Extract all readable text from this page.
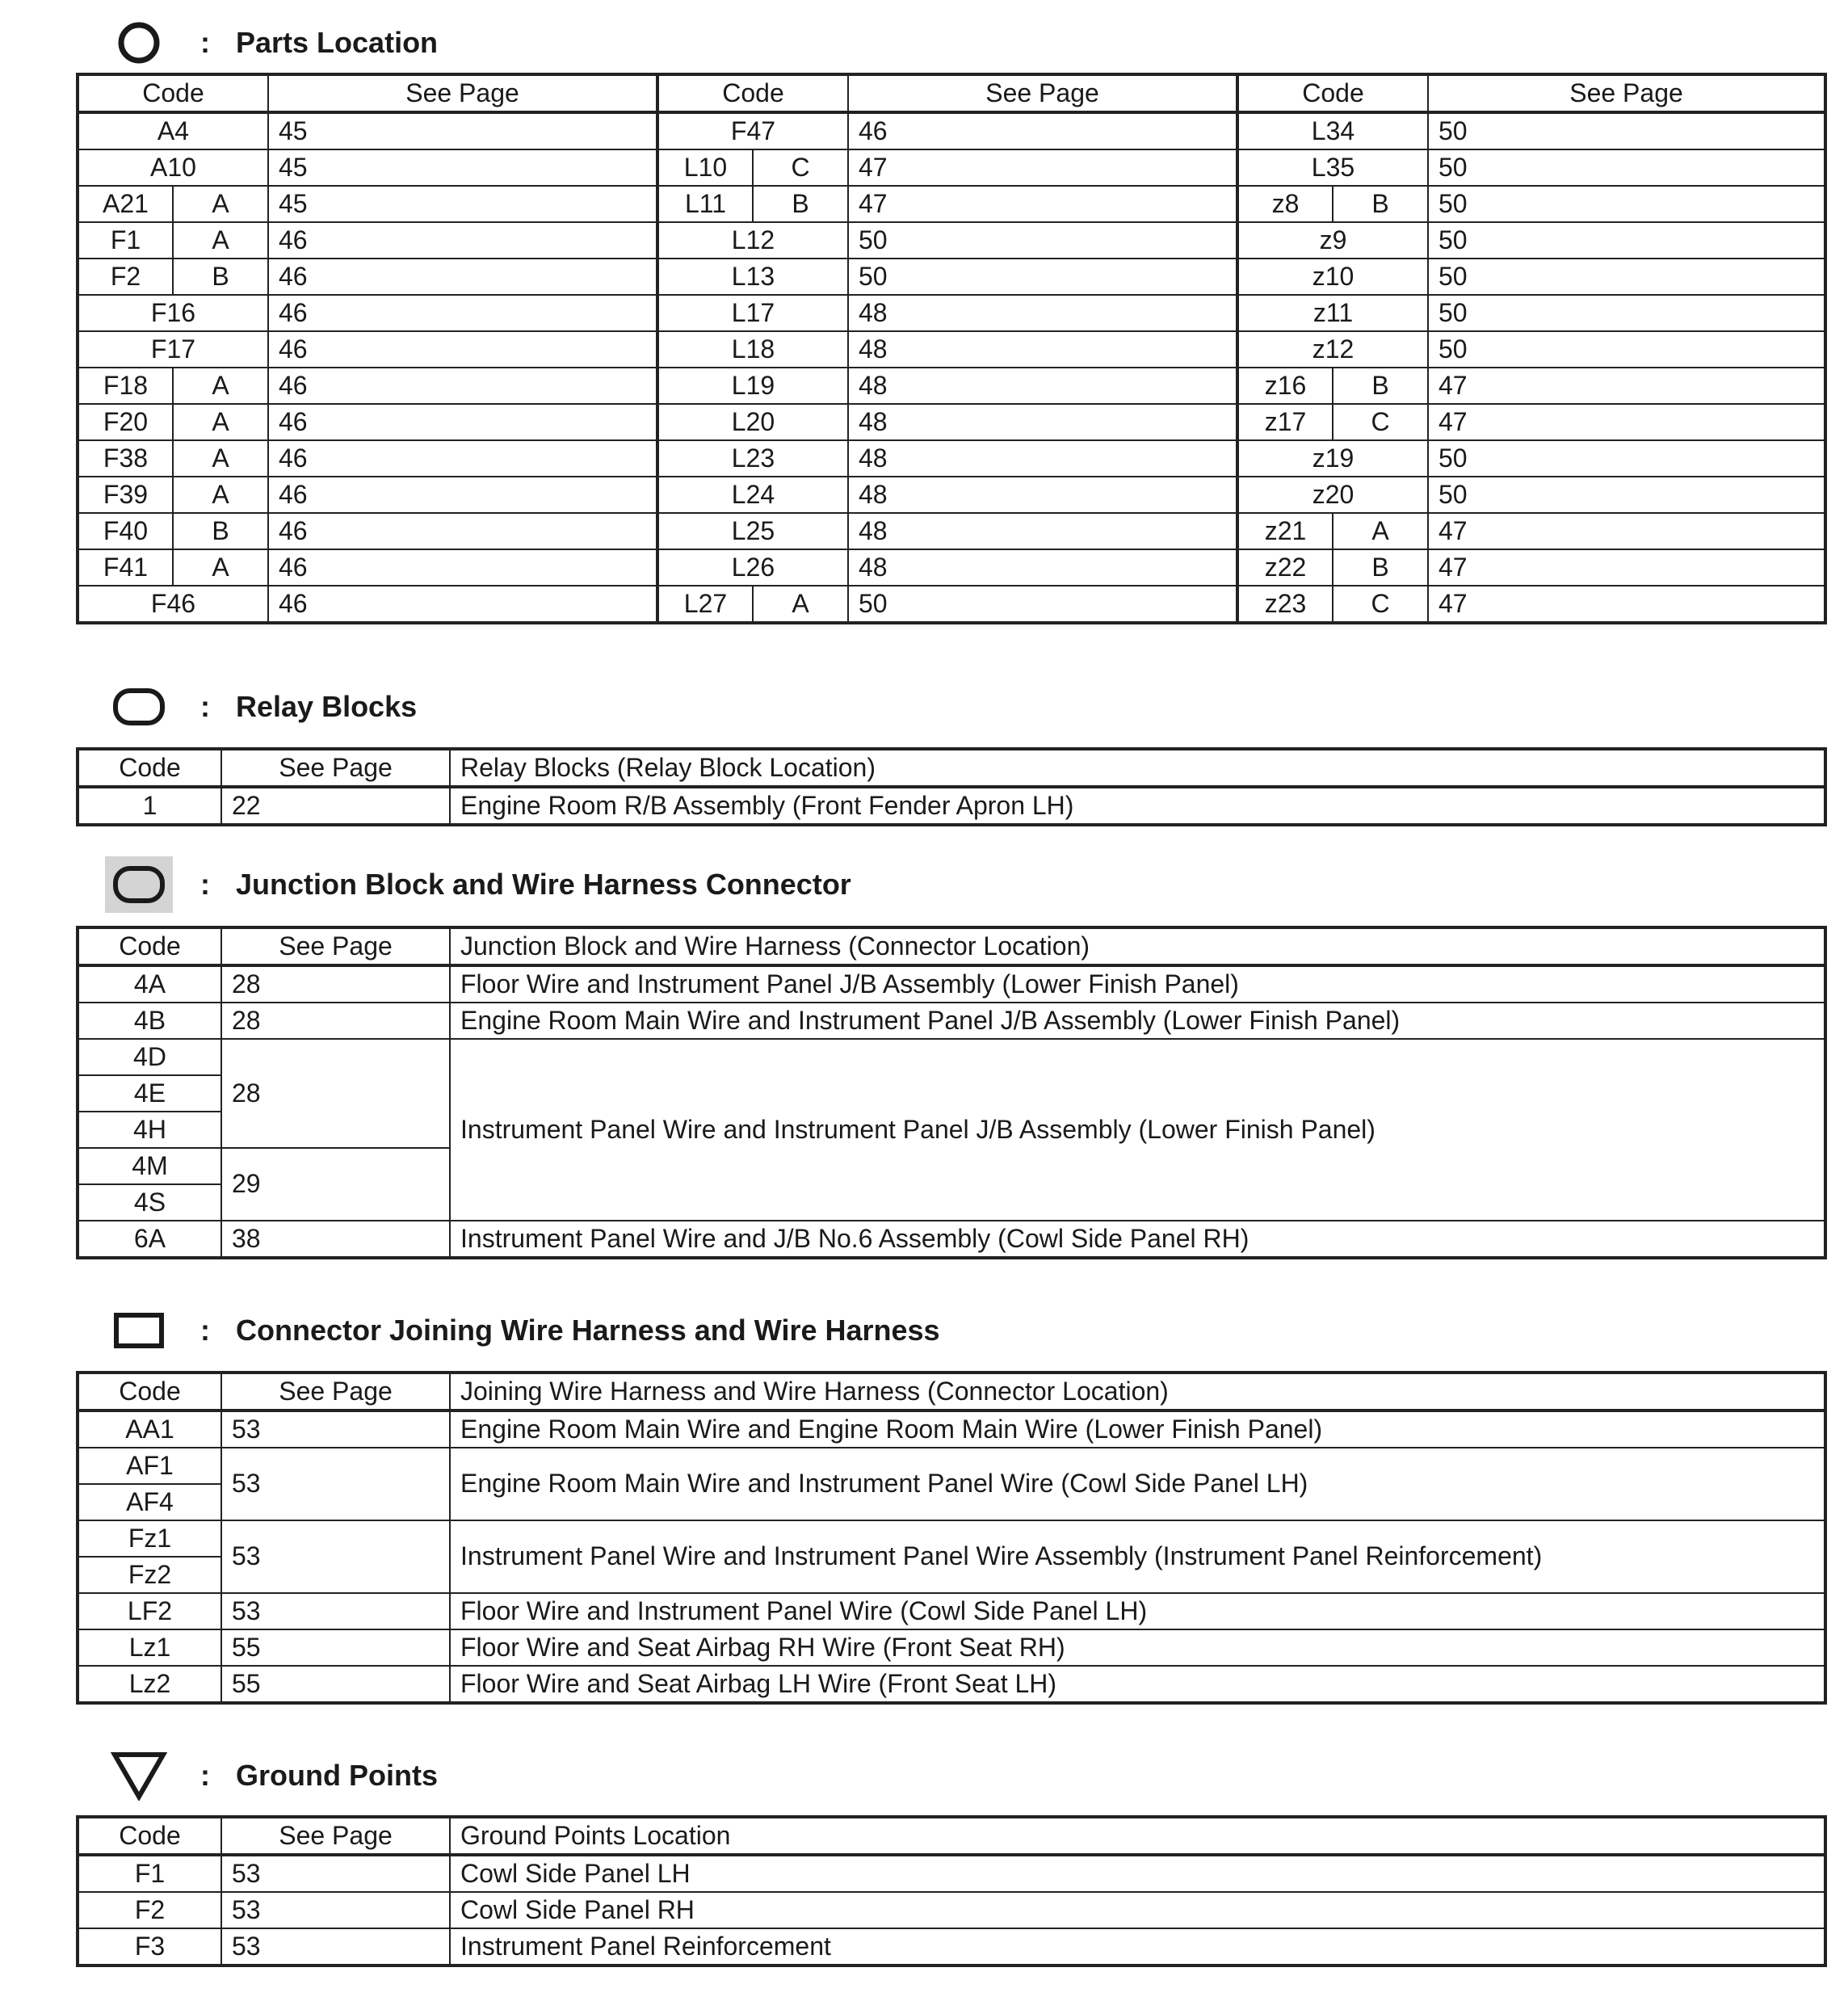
: Parts Location
Code		See Page	Code		See Page	Code		See Page
A4		45	F47		46	L34		50
A10		45	L10	C	47	L35		50
A21	A	45	L11	B	47	z8	B	50
F1	A	46	L12		50	z9		50
F2	B	46	L13		50	z10		50
F16		46	L17		48	z11		50
F17		46	L18		48	z12		50
F18	A	46	L19		48	z16	B	47
F20	A	46	L20		48	z17	C	47
F38	A	46	L23		48	z19		50
F39	A	46	L24		48	z20		50
F40	B	46	L25		48	z21	A	47
F41	A	46	L26		48	z22	B	47
F46		46	L27	A	50	z23	C	47
: Relay Blocks
Code	See Page	Relay Blocks (Relay Block Location)
1	22	Engine Room R/B Assembly (Front Fender Apron LH)
: Junction Block and Wire Harness Connector
Code	See Page	Junction Block and Wire Harness (Connector Location)
4A	28	Floor Wire and Instrument Panel J/B Assembly (Lower Finish Panel)
4B	28	Engine Room Main Wire and Instrument Panel J/B Assembly (Lower Finish Panel)
4D	28	Instrument Panel Wire and Instrument Panel J/B Assembly (Lower Finish Panel)
4E		
4H		
4M	29	
4S		
6A	38	Instrument Panel Wire and J/B No.6 Assembly (Cowl Side Panel RH)
: Connector Joining Wire Harness and Wire Harness
Code	See Page	Joining Wire Harness and Wire Harness (Connector Location)
AA1	53	Engine Room Main Wire and Engine Room Main Wire (Lower Finish Panel)
AF1	53	Engine Room Main Wire and Instrument Panel Wire (Cowl Side Panel LH)
AF4		
Fz1	53	Instrument Panel Wire and Instrument Panel Wire Assembly (Instrument Panel Reinforcement)
Fz2		
LF2	53	Floor Wire and Instrument Panel Wire (Cowl Side Panel LH)
Lz1	55	Floor Wire and Seat Airbag RH Wire (Front Seat RH)
Lz2	55	Floor Wire and Seat Airbag LH Wire (Front Seat LH)
: Ground Points
Code	See Page	Ground Points Location
F1	53	Cowl Side Panel LH
F2	53	Cowl Side Panel RH
F3	53	Instrument Panel Reinforcement
